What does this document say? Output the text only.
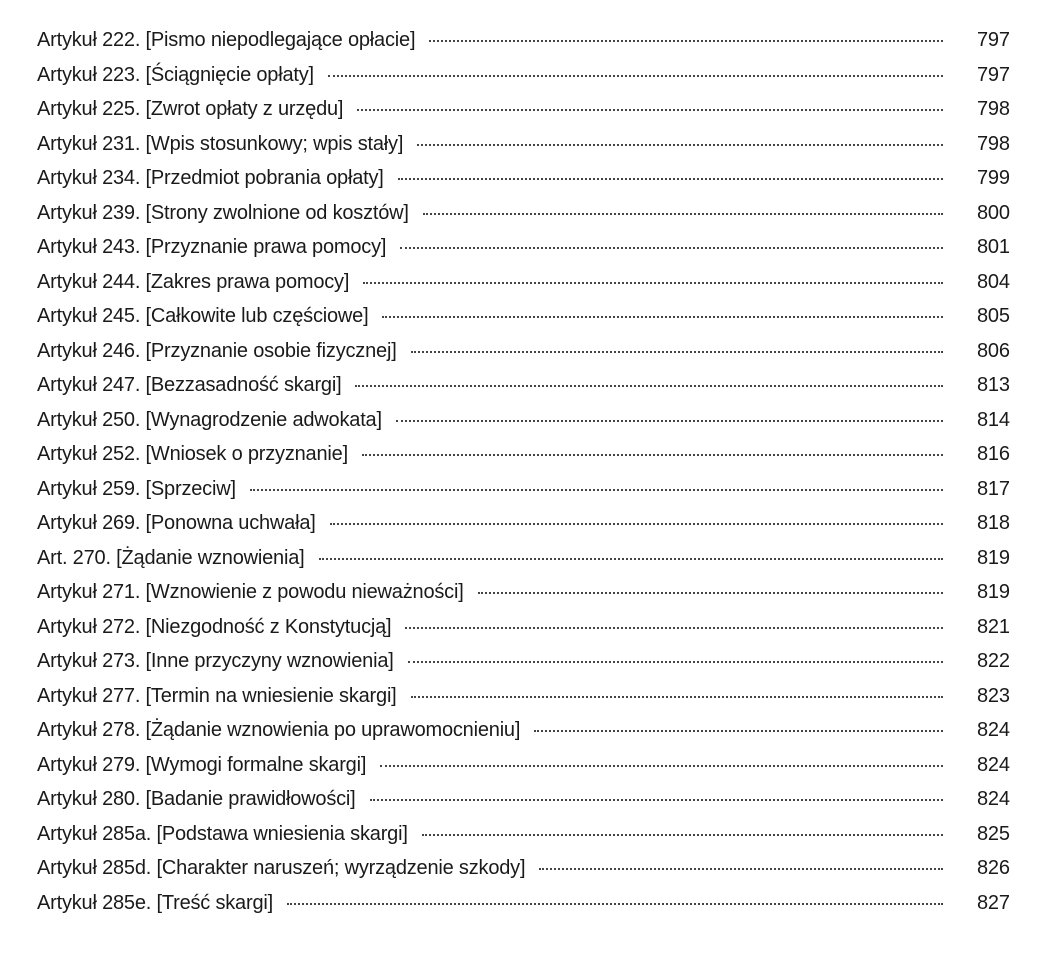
Artykuł 222. [Pismo niepodlegające opłacie]	797
Artykuł 223. [Ściągnięcie opłaty]	797
Artykuł 225. [Zwrot opłaty z urzędu]	798
Artykuł 231. [Wpis stosunkowy; wpis stały]	798
Artykuł 234. [Przedmiot pobrania opłaty]	799
Artykuł 239. [Strony zwolnione od kosztów]	800
Artykuł 243. [Przyznanie prawa pomocy]	801
Artykuł 244. [Zakres prawa pomocy]	804
Artykuł 245. [Całkowite lub częściowe]	805
Artykuł 246. [Przyznanie osobie fizycznej]	806
Artykuł 247. [Bezzasadność skargi]	813
Artykuł 250. [Wynagrodzenie adwokata]	814
Artykuł 252. [Wniosek o przyznanie]	816
Artykuł 259. [Sprzeciw]	817
Artykuł 269. [Ponowna uchwała]	818
Art. 270. [Żądanie wznowienia]	819
Artykuł 271. [Wznowienie z powodu nieważności]	819
Artykuł 272. [Niezgodność z Konstytucją]	821
Artykuł 273. [Inne przyczyny wznowienia]	822
Artykuł 277. [Termin na wniesienie skargi]	823
Artykuł 278. [Żądanie wznowienia po uprawomocnieniu]	824
Artykuł 279. [Wymogi formalne skargi]	824
Artykuł 280. [Badanie prawidłowości]	824
Artykuł 285a. [Podstawa wniesienia skargi]	825
Artykuł 285d. [Charakter naruszeń; wyrządzenie szkody]	826
Artykuł 285e. [Treść skargi]	827
